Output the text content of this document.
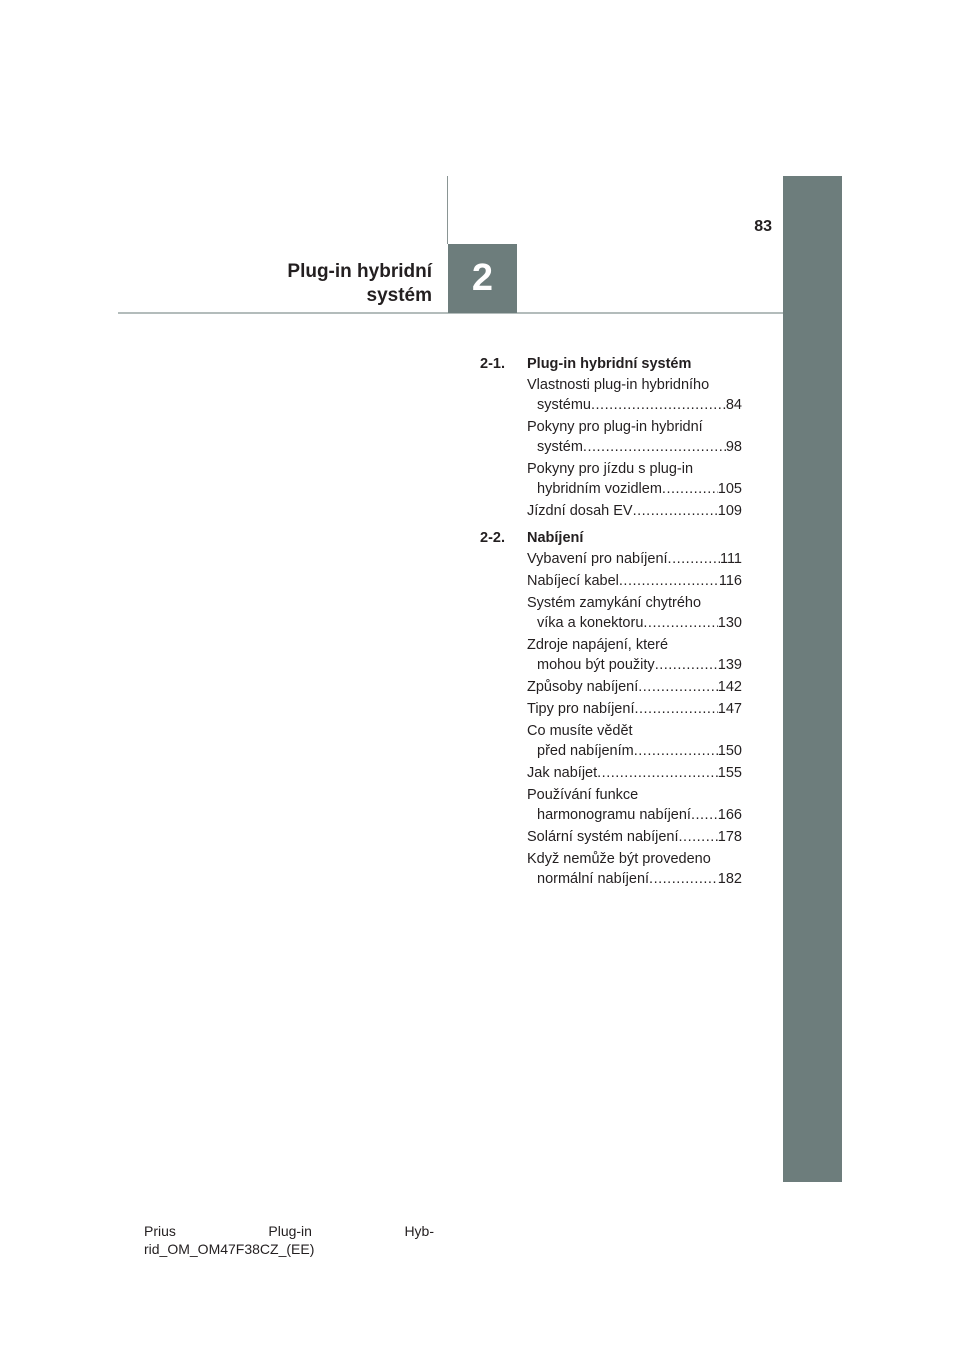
2
83
Plug-in hybridní
systém
2-1.	Plug-in hybridní systém
Vlastnosti plug-in hybridního
systému .....	84
Pokyny pro plug-in hybridní
systém .....	98
Pokyny pro jízdu s plug-in
hybridním vozidlem .....	105
Jízdní dosah EV .....	109
2-2.	Nabíjení
Vybavení pro nabíjení .....	111
Nabíjecí kabel .....	116
Systém zamykání chytrého
víka a konektoru .....	130
Zdroje napájení, které
mohou být použity .....	139
Způsoby nabíjení .....	142
Tipy pro nabíjení .....	147
Co musíte vědět
před nabíjením .....	150
Jak nabíjet .....	155
Používání funkce
harmonogramu nabíjení ..... 166
Solární systém nabíjení .....	178
Když nemůže být provedeno
normální nabíjení .....	182
Prius	Plug-in	Hyb-
rid_OM_OM47F38CZ_(EE)
